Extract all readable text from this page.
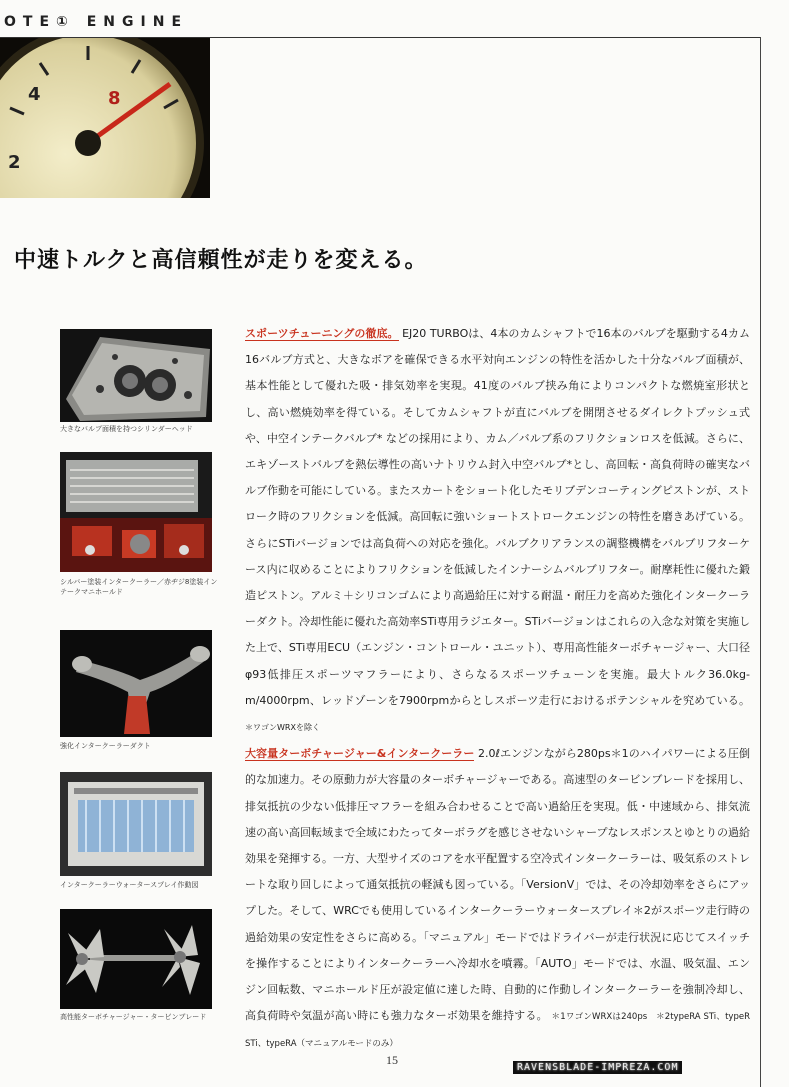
OTE① ENGINE
2
4	8
中速トルクと高信頼性が走りを変える。
大きなバルブ面積を持つシリンダーヘッド
シルバー塗装インタークーラー／赤ヂジ8塗装インテークマニホールド
強化インタークーラーダクト
インタークーラーウォータースプレイ作動図
高性能ターボチャージャー・タービンブレード

スポーツチューニングの徹底。 EJ20 TURBOは、4本のカムシャフトで16本のバルブを駆動する4カム16バルブ方式と、大きなボアを確保できる水平対向エンジンの特性を活かした十分なバルブ面積が、基本性能として優れた吸・排気効率を実現。41度のバルブ挟み角によりコンパクトな燃焼室形状とし、高い燃焼効率を得ている。そしてカムシャフトが直にバルブを開閉させるダイレクトプッシュ式や、中空インテークバルブ* などの採用により、カム／バルブ系のフリクションロスを低減。さらに、エキゾーストバルブを熱伝導性の高いナトリウム封入中空バルブ*とし、高回転・高負荷時の確実なバルブ作動を可能にしている。またスカートをショート化したモリブデンコーティングピストンが、ストローク時のフリクションを低減。高回転に強いショートストロークエンジンの特性を磨きあげている。さらにSTiバージョンでは高負荷への対応を強化。バルブクリアランスの調整機構をバルブリフターケース内に収めることによりフリクションを低減したインナーシムバルブリフター。耐摩耗性に優れた鍛造ピストン。アルミ＋シリコンゴムにより高過給圧に対する耐温・耐圧力を高めた強化インタークーラーダクト。冷却性能に優れた高効率STi専用ラジエター。STiバージョンはこれらの入念な対策を実施した上で、STi専用ECU（エンジン・コントロール・ユニット）、専用高性能ターボチャージャー、大口径 φ93低排圧スポーツマフラーにより、さらなるスポーツチューンを実施。最大トルク36.0kg-m/4000rpm、レッドゾーンを7900rpmからとしスポーツ走行におけるポテンシャルを究めている。 ＊ワゴンWRXを除く

大容量ターボチャージャー&インタークーラー 2.0ℓエンジンながら280ps＊1のハイパワーによる圧倒的な加速力。その原動力が大容量のターボチャージャーである。高速型のタービンブレードを採用し、排気抵抗の少ない低排圧マフラーを組み合わせることで高い過給圧を実現。低・中速域から、排気流速の高い高回転域まで全域にわたってターボラグを感じさせないシャープなレスポンスとゆとりの過給効果を発揮する。一方、大型サイズのコアを水平配置する空冷式インタークーラーは、吸気系のストレートな取り回しによって通気抵抗の軽減も図っている。「VersionV」では、その冷却効率をさらにアップした。そして、WRCでも使用しているインタークーラーウォータースプレイ＊2がスポーツ走行時の過給効果の安定性をさらに高める。「マニュアル」モードではドライバーが走行状況に応じてスイッチを操作することによりインタークーラーへ冷却水を噴霧。「AUTO」モードでは、水温、吸気温、エンジン回転数、マニホールド圧が設定値に達した時、自動的に作動しインタークーラーを強制冷却し、高負荷時や気温が高い時にも強力なターボ効果を維持する。 ＊1ワゴンWRXは240ps　＊2typeRA STi、typeR STi、typeRA（マニュアルモードのみ）

15
RAVENSBLADE-IMPREZA.COM
